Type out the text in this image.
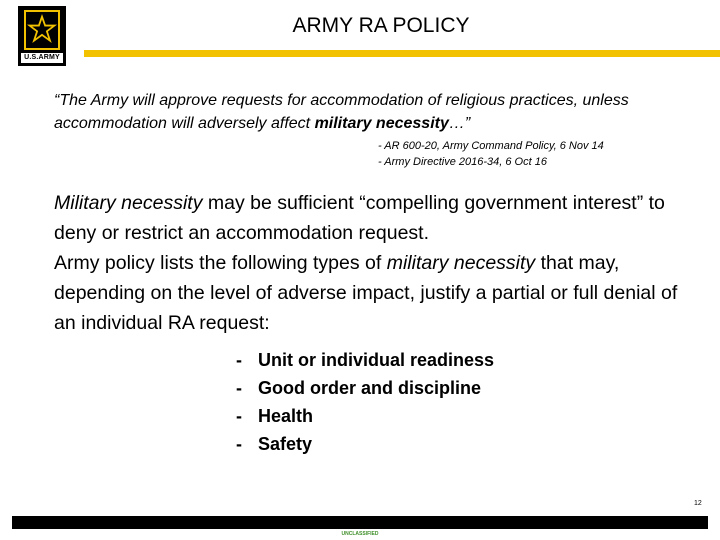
U.S.ARMY
ARMY RA POLICY

“The Army will approve requests for accommodation of religious practices, unless accommodation will adversely affect military necessity…”

- AR 600-20, Army Command Policy, 6 Nov 14
- Army Directive 2016-34, 6 Oct 16

Military necessity may be sufficient “compelling government interest” to deny or restrict an accommodation request.
Army policy lists the following types of military necessity that may, depending on the level of adverse impact, justify a partial or full denial of an individual RA request:

- Unit or individual readiness
- Good order and discipline
- Health
- Safety
12
UNCLASSIFIED
